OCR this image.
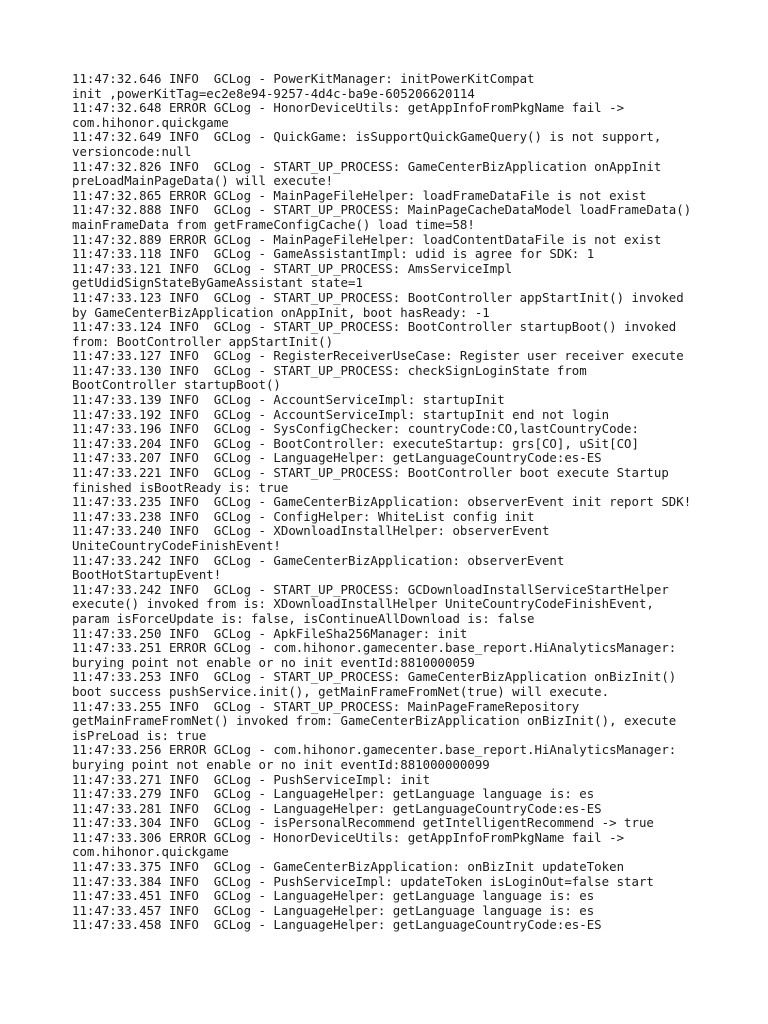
11:47:32.646 INFO  GCLog - PowerKitManager: initPowerKitCompat
init ,powerKitTag=ec2e8e94-9257-4d4c-ba9e-605206620114
11:47:32.648 ERROR GCLog - HonorDeviceUtils: getAppInfoFromPkgName fail ->
com.hihonor.quickgame
11:47:32.649 INFO  GCLog - QuickGame: isSupportQuickGameQuery() is not support,
versioncode:null
11:47:32.826 INFO  GCLog - START_UP_PROCESS: GameCenterBizApplication onAppInit
preLoadMainPageData() will execute!
11:47:32.865 ERROR GCLog - MainPageFileHelper: loadFrameDataFile is not exist
11:47:32.888 INFO  GCLog - START_UP_PROCESS: MainPageCacheDataModel loadFrameData()
mainFrameData from getFrameConfigCache() load time=58!
11:47:32.889 ERROR GCLog - MainPageFileHelper: loadContentDataFile is not exist
11:47:33.118 INFO  GCLog - GameAssistantImpl: udid is agree for SDK: 1
11:47:33.121 INFO  GCLog - START_UP_PROCESS: AmsServiceImpl
getUdidSignStateByGameAssistant state=1
11:47:33.123 INFO  GCLog - START_UP_PROCESS: BootController appStartInit() invoked
by GameCenterBizApplication onAppInit, boot hasReady: -1
11:47:33.124 INFO  GCLog - START_UP_PROCESS: BootController startupBoot() invoked
from: BootController appStartInit()
11:47:33.127 INFO  GCLog - RegisterReceiverUseCase: Register user receiver execute
11:47:33.130 INFO  GCLog - START_UP_PROCESS: checkSignLoginState from
BootController startupBoot()
11:47:33.139 INFO  GCLog - AccountServiceImpl: startupInit
11:47:33.192 INFO  GCLog - AccountServiceImpl: startupInit end not login
11:47:33.196 INFO  GCLog - SysConfigChecker: countryCode:CO,lastCountryCode:
11:47:33.204 INFO  GCLog - BootController: executeStartup: grs[CO], uSit[CO]
11:47:33.207 INFO  GCLog - LanguageHelper: getLanguageCountryCode:es-ES
11:47:33.221 INFO  GCLog - START_UP_PROCESS: BootController boot execute Startup
finished isBootReady is: true
11:47:33.235 INFO  GCLog - GameCenterBizApplication: observerEvent init report SDK!
11:47:33.238 INFO  GCLog - ConfigHelper: WhiteList config init
11:47:33.240 INFO  GCLog - XDownloadInstallHelper: observerEvent
UniteCountryCodeFinishEvent!
11:47:33.242 INFO  GCLog - GameCenterBizApplication: observerEvent
BootHotStartupEvent!
11:47:33.242 INFO  GCLog - START_UP_PROCESS: GCDownloadInstallServiceStartHelper
execute() invoked from is: XDownloadInstallHelper UniteCountryCodeFinishEvent,
param isForceUpdate is: false, isContinueAllDownload is: false
11:47:33.250 INFO  GCLog - ApkFileSha256Manager: init
11:47:33.251 ERROR GCLog - com.hihonor.gamecenter.base_report.HiAnalyticsManager:
burying point not enable or no init eventId:8810000059
11:47:33.253 INFO  GCLog - START_UP_PROCESS: GameCenterBizApplication onBizInit()
boot success pushService.init(), getMainFrameFromNet(true) will execute.
11:47:33.255 INFO  GCLog - START_UP_PROCESS: MainPageFrameRepository
getMainFrameFromNet() invoked from: GameCenterBizApplication onBizInit(), execute
isPreLoad is: true
11:47:33.256 ERROR GCLog - com.hihonor.gamecenter.base_report.HiAnalyticsManager:
burying point not enable or no init eventId:881000000099
11:47:33.271 INFO  GCLog - PushServiceImpl: init
11:47:33.279 INFO  GCLog - LanguageHelper: getLanguage language is: es
11:47:33.281 INFO  GCLog - LanguageHelper: getLanguageCountryCode:es-ES
11:47:33.304 INFO  GCLog - isPersonalRecommend getIntelligentRecommend -> true
11:47:33.306 ERROR GCLog - HonorDeviceUtils: getAppInfoFromPkgName fail ->
com.hihonor.quickgame
11:47:33.375 INFO  GCLog - GameCenterBizApplication: onBizInit updateToken
11:47:33.384 INFO  GCLog - PushServiceImpl: updateToken isLoginOut=false start
11:47:33.451 INFO  GCLog - LanguageHelper: getLanguage language is: es
11:47:33.457 INFO  GCLog - LanguageHelper: getLanguage language is: es
11:47:33.458 INFO  GCLog - LanguageHelper: getLanguageCountryCode:es-ES
